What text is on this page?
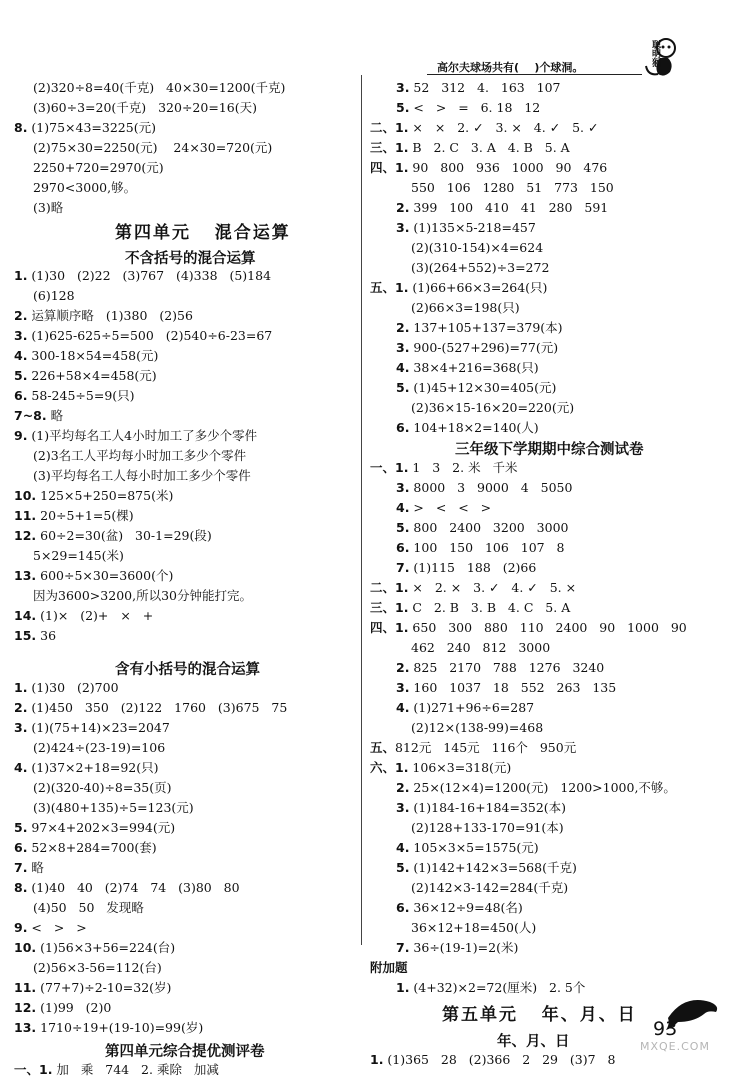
(2)320÷8=40(千克)   40×30=1200(千克)
(3)60÷3=20(千克)   320÷20=16(天)
8. (1)75×43=3225(元)
(2)75×30=2250(元)    24×30=720(元)
2250+720=2970(元)
2970<3000,够。
(3)略
第四单元   混合运算
不含括号的混合运算
1. (1)30   (2)22   (3)767   (4)338   (5)184
(6)128
2. 运算顺序略   (1)380   (2)56
3. (1)625-625÷5=500   (2)540÷6-23=67
4. 300-18×54=458(元)
5. 226+58×4=458(元)
6. 58-245÷5=9(只)
7~8. 略
9. (1)平均每名工人4小时加工了多少个零件
(2)3名工人平均每小时加工多少个零件
(3)平均每名工人每小时加工多少个零件
10. 125×5+250=875(米)
11. 20÷5+1=5(棵)
12. 60÷2=30(盆)   30-1=29(段)
5×29=145(米)
13. 600÷5×30=3600(个)
因为3600>3200,所以30分钟能打完。
14. (1)×   (2)+   ×   +
15. 36
含有小括号的混合运算
1. (1)30   (2)700
2. (1)450   350   (2)122   1760   (3)675   75
3. (1)(75+14)×23=2047
(2)424÷(23-19)=106
4. (1)37×2+18=92(只)
(2)(320-40)÷8=35(页)
(3)(480+135)÷5=123(元)
5. 97×4+202×3=994(元)
6. 52×8+284=700(套)
7. 略
8. (1)40   40   (2)74   74   (3)80   80
(4)50   50   发现略
9. <   >   >
10. (1)56×3+56=224(台)
(2)56×3-56=112(台)
11. (77+7)÷2-10=32(岁)
12. (1)99   (2)0
13. 1710÷19+(19-10)=99(岁)
第四单元综合提优测评卷
一、1. 加   乘   744   2. 乘除   加减
3. 52   312   4.   163   107
5. <   >   =   6. 18   12
二、1. ×   ×   2. ✓   3. ×   4. ✓   5. ✓
三、1. B   2. C   3. A   4. B   5. A
四、1. 90   800   936   1000   90   476
550   106   1280   51   773   150
2. 399   100   410   41   280   591
3. (1)135×5-218=457
(2)(310-154)×4=624
(3)(264+552)÷3=272
五、1. (1)66+66×3=264(只)
(2)66×3=198(只)
2. 137+105+137=379(本)
3. 900-(527+296)=77(元)
4. 38×4+216=368(只)
5. (1)45+12×30=405(元)
(2)36×15-16×20=220(元)
6. 104+18×2=140(人)
三年级下学期期中综合测试卷
一、1. 1   3   2. 米   千米
3. 8000   3   9000   4   5050
4. >   <   <   >
5. 800   2400   3200   3000
6. 100   150   106   107   8
7. (1)115   188   (2)66
二、1. ×   2. ×   3. ✓   4. ✓   5. ×
三、1. C   2. B   3. B   4. C   5. A
四、1. 650   300   880   110   2400   90   1000   90
462   240   812   3000
2. 825   2170   788   1276   3240
3. 160   1037   18   552   263   135
4. (1)271+96÷6=287
(2)12×(138-99)=468
五、812元   145元   116个   950元
六、1. 106×3=318(元)
2. 25×(12×4)=1200(元)   1200>1000,不够。
3. (1)184-16+184=352(本)
(2)128+133-170=91(本)
4. 105×3×5=1575(元)
5. (1)142+142×3=568(千克)
(2)142×3-142=284(千克)
6. 36×12÷9=48(名)
36×12+18=450(人)
7. 36÷(19-1)=2(米)
附加题
1. (4+32)×2=72(厘米)   2. 5个
第五单元   年、月、日
年、月、日
1. (1)365   28   (2)366   2   29   (3)7   8
高尔夫球场共有(    )个球洞。
聪明猴
93
MXQE.COM
